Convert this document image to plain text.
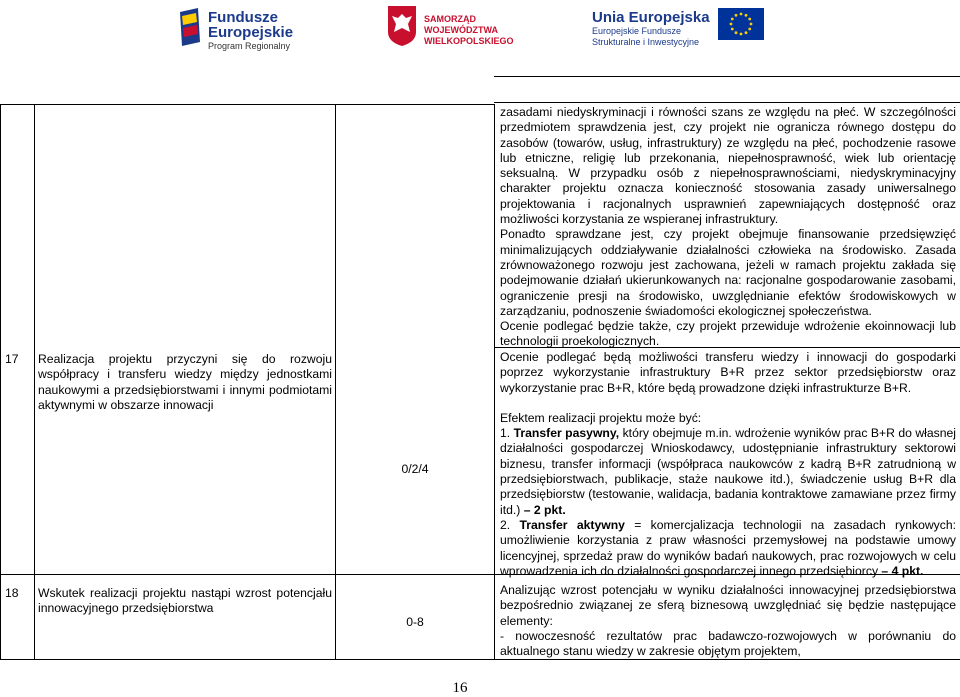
Fundusze Europejskie
Program Regionalny
SAMORZĄD WOJEWÓDZTWA
WIELKOPOLSKIEGO
Unia Europejska
Europejskie Fundusze
Strukturalne i Inwestycyjne
17 Realizacja projektu przyczyni się do rozwoju współpracy i transferu wiedzy między jednostkami naukowymi a przedsiębiorstwami i innymi podmiotami aktywnymi w obszarze innowacji
0/2/4
18 Wskutek realizacji projektu nastąpi wzrost potencjału innowacyjnego przedsiębiorstwa
0-8

zasadami niedyskryminacji i równości szans ze względu na płeć. W szczególności przedmiotem sprawdzenia jest, czy projekt nie ogranicza równego dostępu do zasobów (towarów, usług, infrastruktury) ze względu na płeć, pochodzenie rasowe lub etniczne, religię lub przekonania, niepełnosprawność, wiek lub orientację seksualną. W przypadku osób z niepełnosprawnościami, niedyskryminacyjny charakter projektu oznacza konieczność stosowania zasady uniwersalnego projektowania i racjonalnych usprawnień zapewniających dostępność oraz możliwości korzystania ze wspieranej infrastruktury.

Ponadto sprawdzane jest, czy projekt obejmuje finansowanie przedsięwzięć minimalizujących oddziaływanie działalności człowieka na środowisko. Zasada zrównoważonego rozwoju jest zachowana, jeżeli w ramach projektu zakłada się podejmowanie działań ukierunkowanych na: racjonalne gospodarowanie zasobami, ograniczenie presji na środowisko, uwzględnianie efektów środowiskowych w zarządzaniu, podnoszenie świadomości ekologicznej społeczeństwa.

Ocenie podlegać będzie także, czy projekt przewiduje wdrożenie ekoinnowacji lub technologii proekologicznych.

Ocenie podlegać będą możliwości transferu wiedzy i innowacji do gospodarki poprzez wykorzystanie infrastruktury B+R przez sektor przedsiębiorstw oraz wykorzystanie prac B+R, które będą prowadzone dzięki infrastrukturze B+R.

Efektem realizacji projektu może być:

1. Transfer pasywny, który obejmuje m.in. wdrożenie wyników prac B+R do własnej działalności gospodarczej Wnioskodawcy, udostępnianie infrastruktury sektorowi biznesu, transfer informacji (współpraca naukowców z kadrą B+R zatrudnioną w przedsiębiorstwach, publikacje, staże naukowe itd.), świadczenie usług B+R dla przedsiębiorstw (testowanie, walidacja, badania kontraktowe zamawiane przez firmy itd.) – 2 pkt.

2. Transfer aktywny = komercjalizacja technologii na zasadach rynkowych: umożliwienie korzystania z praw własności przemysłowej na podstawie umowy licencyjnej, sprzedaż praw do wyników badań naukowych, prac rozwojowych w celu wprowadzenia ich do działalności gospodarczej innego przedsiębiorcy – 4 pkt.

Analizując wzrost potencjału w wyniku działalności innowacyjnej przedsiębiorstwa bezpośrednio związanej ze sferą biznesową uwzględniać się będzie następujące elementy:

- nowoczesność rezultatów prac badawczo-rozwojowych w porównaniu do aktualnego stanu wiedzy w zakresie objętym projektem,

16
